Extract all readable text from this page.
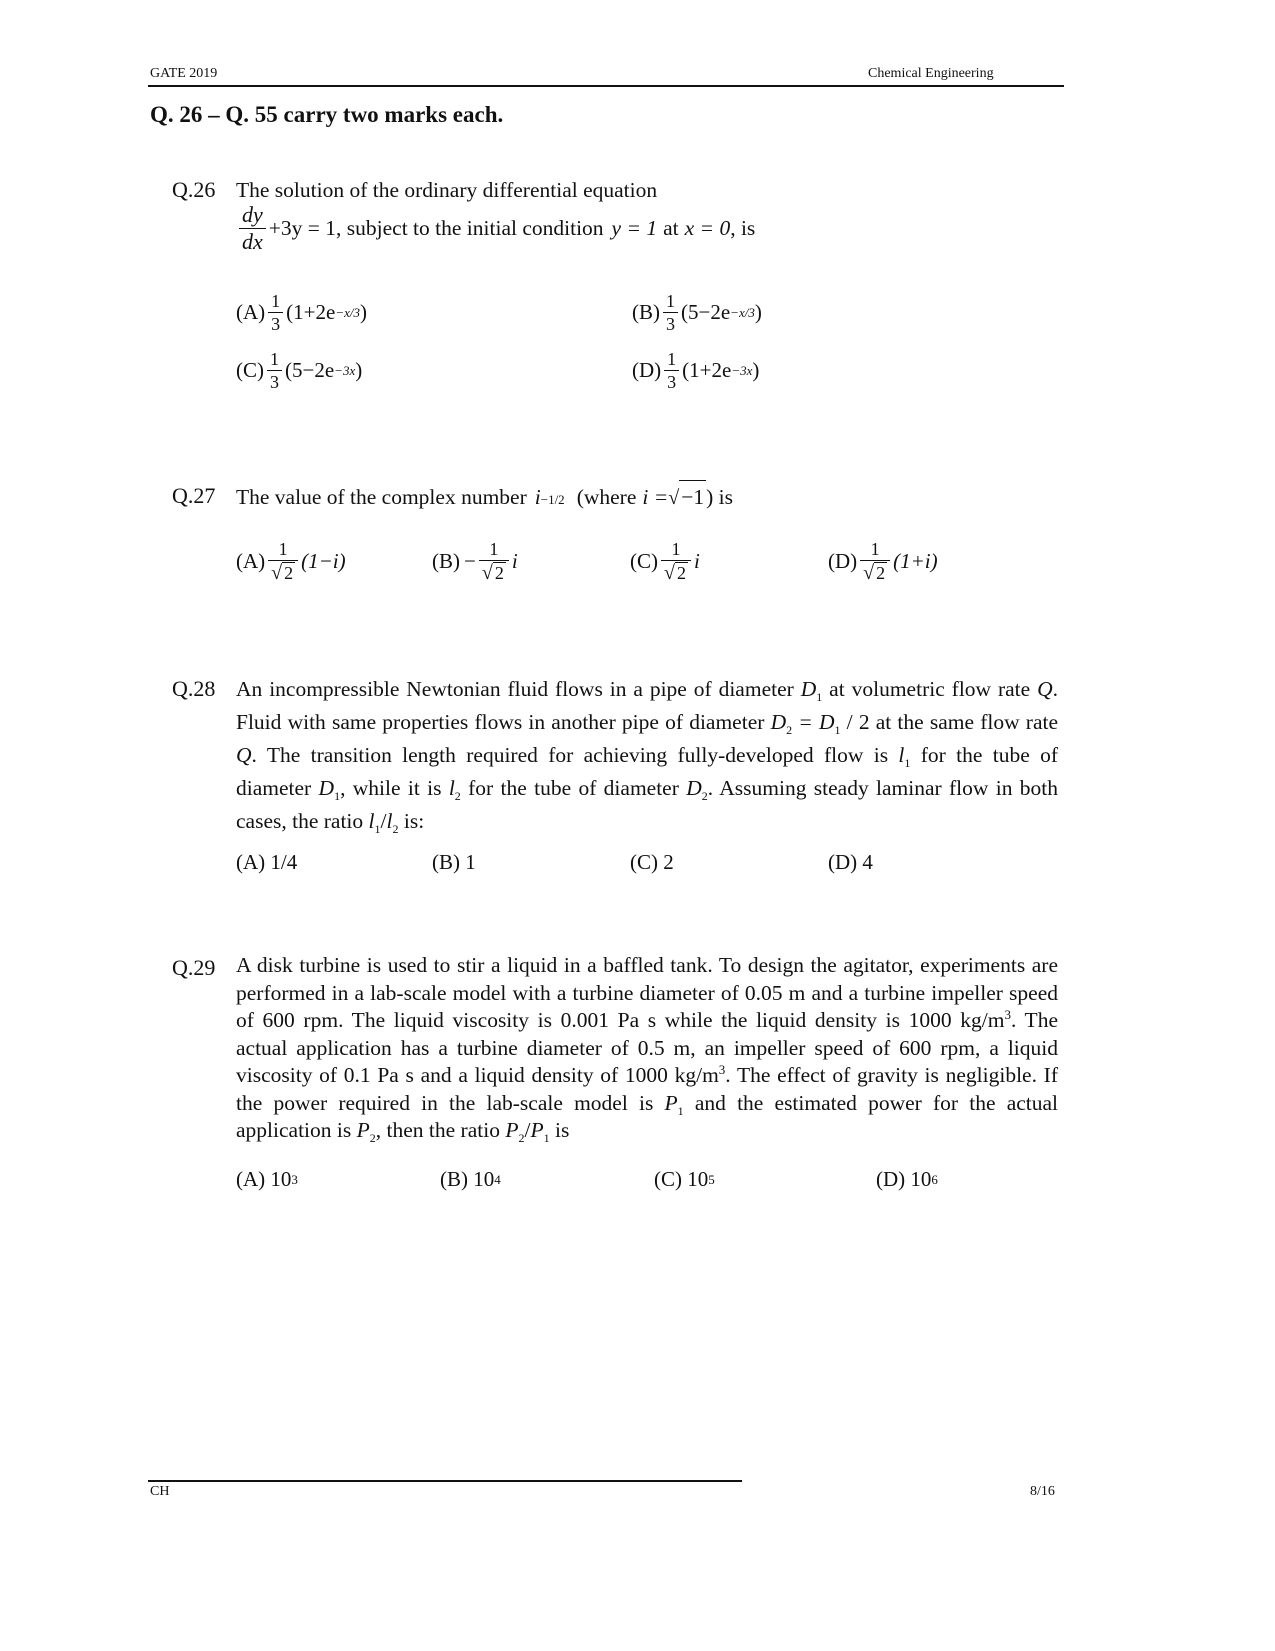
GATE 2019	Chemical Engineering
Q. 26 – Q. 55 carry two marks each.
Q.26 The solution of the ordinary differential equation
$\frac{dy}{dx} +3y = 1$ , subject to the initial condition y = 1 at x = 0 , is
$(A) \frac{1}{3} (1+2e -x/3$ )	$(B) \frac{1}{3} (5-2e -x/3$ )
$(C) \frac{1}{3} (5-2e -3x$ )	$(D) \frac{1}{3} (1+2e -3x$ )
Q.27 The value of the complex number i −1/2 (where i = √ −1 ) is
$(A) \frac{1}{√ 2} (1-i)$	$(B) - \frac{1}{√ 2}$ i	$(C) \frac{1}{√ 2}$ i	$(D) \frac{1}{√ 2} (1+i)$
Q.28 An incompressible Newtonian fluid flows in a pipe of diameter $D_1$ at volumetric flow rate Q. Fluid with same properties flows in another pipe of diameter $D_2 = D_1 / 2$ at the same flow rate Q. The transition length required for achieving fully-developed flow is $l_1$ for the tube of diameter $D_1$, while it is $l_2$ for the tube of diameter $D_2$. Assuming steady laminar flow in both cases, the ratio $l_1/l_2$ is:
(A) 1/4	(B) 1	(C) 2	(D) 4
Q.29 A disk turbine is used to stir a liquid in a baffled tank. To design the agitator, experiments are performed in a lab-scale model with a turbine diameter of 0.05 m and a turbine impeller speed of 600 rpm. The liquid viscosity is 0.001 Pa s while the liquid density is 1000 $kg/m^3$. The actual application has a turbine diameter of 0.5 m, an impeller speed of 600 rpm, a liquid viscosity of 0.1 Pa s and a liquid density of 1000 $kg/m^3$. The effect of gravity is negligible. If the power required in the lab-scale model is $P_1$ and the estimated power for the actual application is $P_2$, then the ratio $P_2/P_1$ is
(A) 10 3	(B) 10 4	(C) 10 5	(D) 10 6
CH	8/16
